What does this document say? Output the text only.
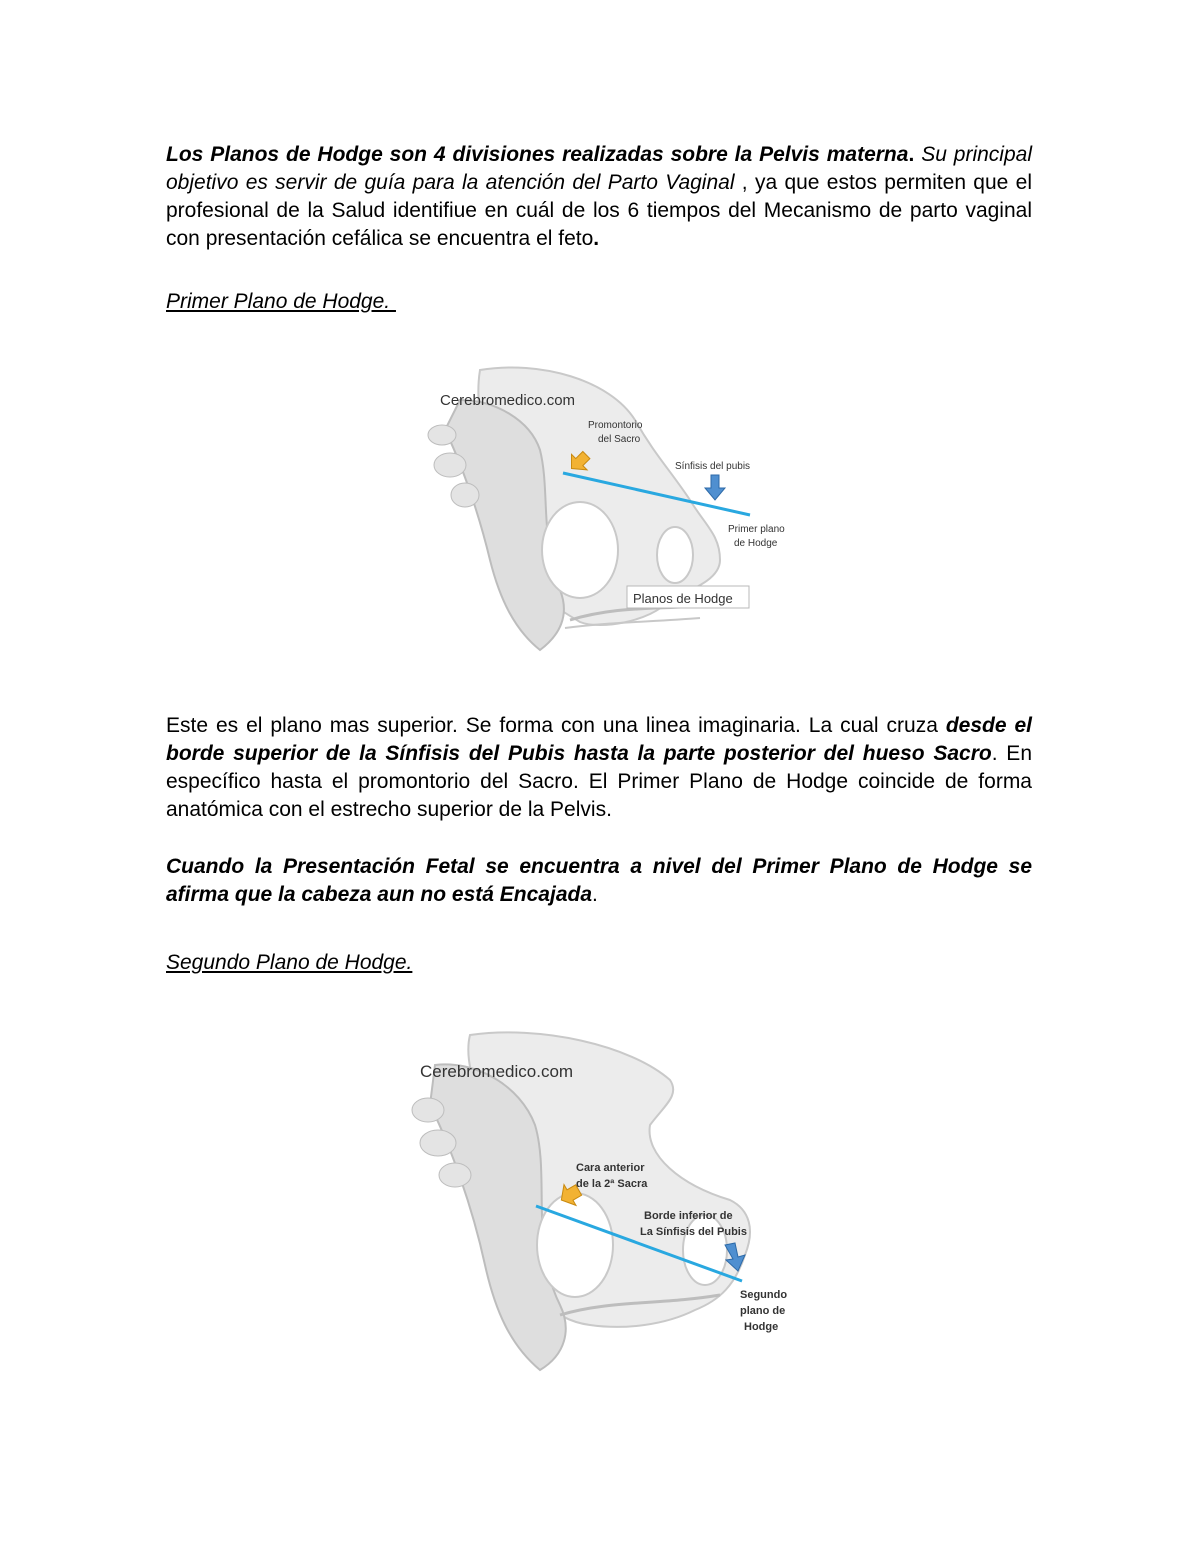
Los Planos de Hodge son 4 divisiones realizadas sobre la Pelvis materna. Su principal objetivo es servir de guía para la atención del Parto Vaginal , ya que estos permiten que el profesional de la Salud identifiue en cuál de los 6 tiempos del Mecanismo de parto vaginal con presentación cefálica se encuentra el feto.

Primer Plano de Hodge.
Cerebromedico.com
Promontorio
del Sacro
Sínfisis del pubis
Primer plano
de Hodge
Planos de Hodge

Este es el plano mas superior. Se forma con una linea imaginaria. La cual cruza desde el borde superior de la Sínfisis del Pubis hasta la parte posterior del hueso Sacro. En específico hasta el promontorio del Sacro. El Primer Plano de Hodge coincide de forma anatómica con el estrecho superior de la Pelvis.

Cuando la Presentación Fetal se encuentra a nivel del Primer Plano de Hodge se afirma que la cabeza aun no está Encajada.

Segundo Plano de Hodge.
Cerebromedico.com
Cara anterior
de la 2ª Sacra
Borde inferior de
La Sínfisis del Pubis
Segundo
plano de
Hodge
